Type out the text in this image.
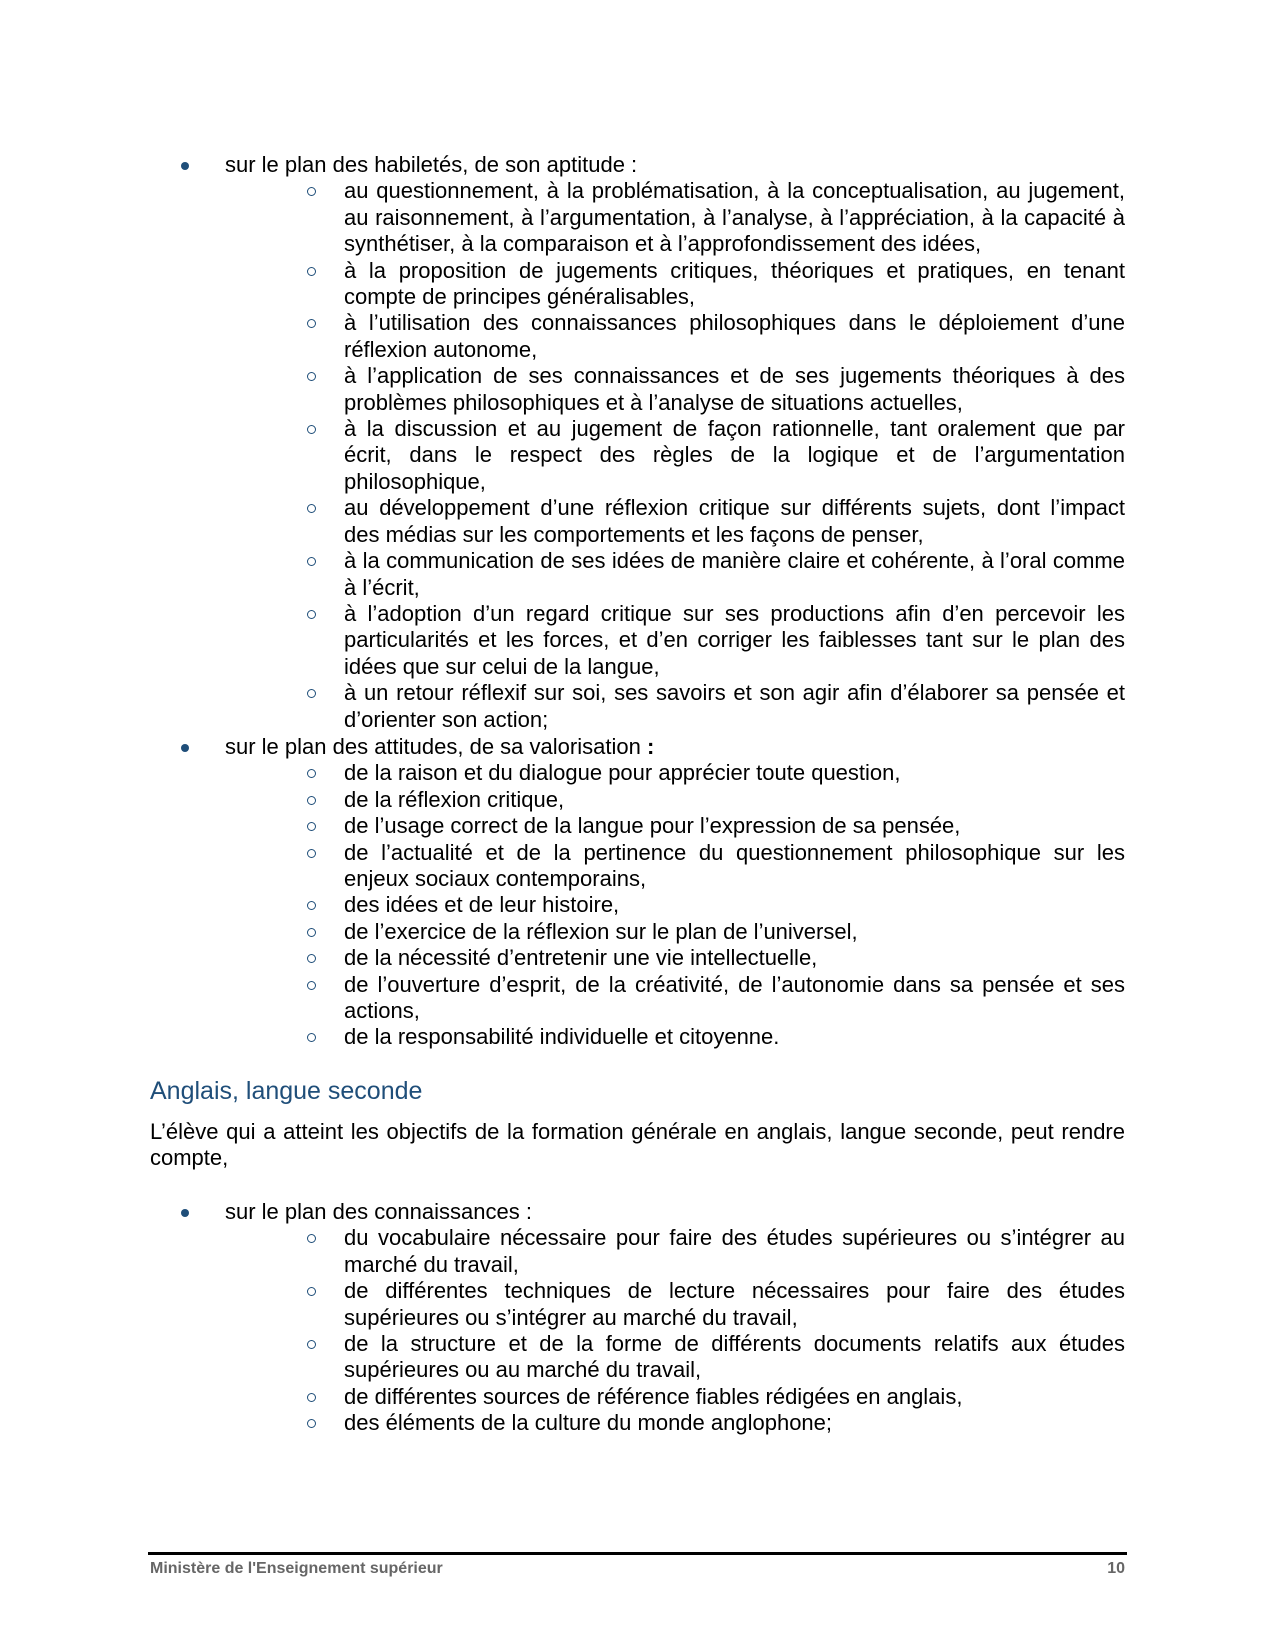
sur le plan des habiletés, de son aptitude :
au questionnement, à la problématisation, à la conceptualisation, au jugement, au raisonnement, à l’argumentation, à l’analyse, à l’appréciation, à la capacité à synthétiser, à la comparaison et à l’approfondissement des idées,
à la proposition de jugements critiques, théoriques et pratiques, en tenant compte de principes généralisables,
à l’utilisation des connaissances philosophiques dans le déploiement d’une réflexion autonome,
à l’application de ses connaissances et de ses jugements théoriques à des problèmes philosophiques et à l’analyse de situations actuelles,
à la discussion et au jugement de façon rationnelle, tant oralement que par écrit, dans le respect des règles de la logique et de l’argumentation philosophique,
au développement d’une réflexion critique sur différents sujets, dont l’impact des médias sur les comportements et les façons de penser,
à la communication de ses idées de manière claire et cohérente, à l’oral comme à l’écrit,
à l’adoption d’un regard critique sur ses productions afin d’en percevoir les particularités et les forces, et d’en corriger les faiblesses tant sur le plan des idées que sur celui de la langue,
à un retour réflexif sur soi, ses savoirs et son agir afin d’élaborer sa pensée et d’orienter son action;
sur le plan des attitudes, de sa valorisation :
de la raison et du dialogue pour apprécier toute question,
de la réflexion critique,
de l’usage correct de la langue pour l’expression de sa pensée,
de l’actualité et de la pertinence du questionnement philosophique sur les enjeux sociaux contemporains,
des idées et de leur histoire,
de l’exercice de la réflexion sur le plan de l’universel,
de la nécessité d’entretenir une vie intellectuelle,
de l’ouverture d’esprit, de la créativité, de l’autonomie dans sa pensée et ses actions,
de la responsabilité individuelle et citoyenne.
Anglais, langue seconde
L’élève qui a atteint les objectifs de la formation générale en anglais, langue seconde, peut rendre compte,
sur le plan des connaissances :
du vocabulaire nécessaire pour faire des études supérieures ou s’intégrer au marché du travail,
de différentes techniques de lecture nécessaires pour faire des études supérieures ou s’intégrer au marché du travail,
de la structure et de la forme de différents documents relatifs aux études supérieures ou au marché du travail,
de différentes sources de référence fiables rédigées en anglais,
des éléments de la culture du monde anglophone;
Ministère de l'Enseignement supérieur	10
